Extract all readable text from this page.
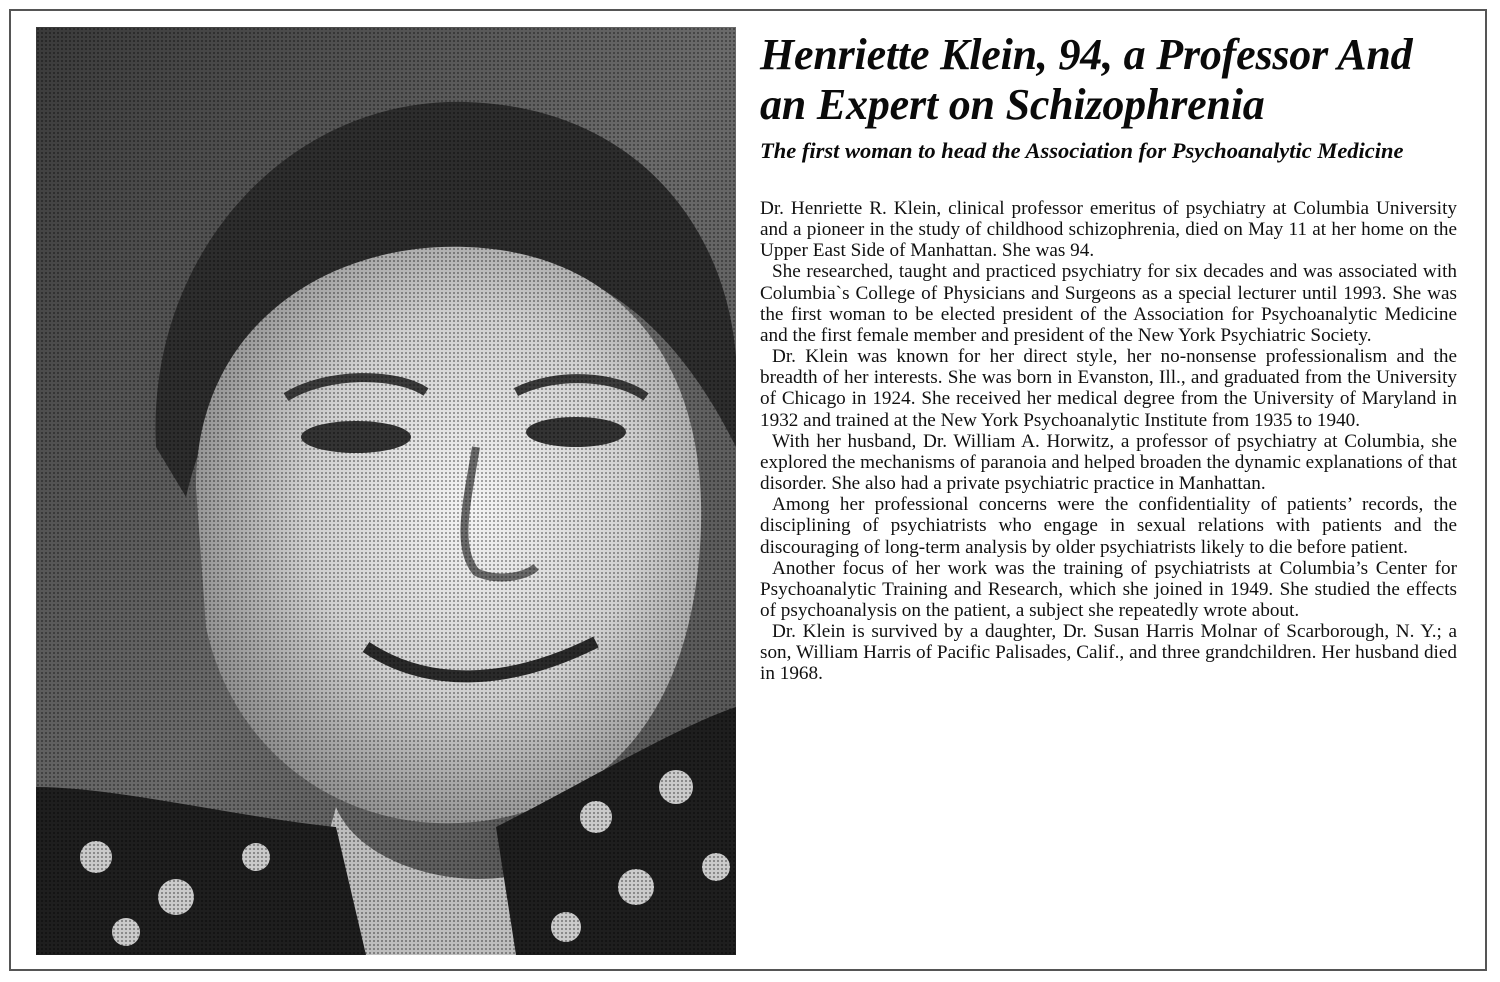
Henriette Klein, 94, a Professor And an Expert on Schizophrenia
The first woman to head the Association for Psychoanalytic Medicine

Dr. Henriette R. Klein, clinical professor emeritus of psychiatry at Columbia University and a pioneer in the study of childhood schizophrenia, died on May 11 at her home on the Upper East Side of Manhattan. She was 94.

She researched, taught and practiced psychiatry for six decades and was associated with Columbia`s College of Physicians and Surgeons as a special lecturer until 1993. She was the first woman to be elected president of the Association for Psychoanalytic Medicine and the first female member and president of the New York Psychiatric Society.

Dr. Klein was known for her direct style, her no-nonsense professionalism and the breadth of her interests. She was born in Evanston, Ill., and graduated from the University of Chicago in 1924. She received her medical degree from the University of Maryland in 1932 and trained at the New York Psychoanalytic Institute from 1935 to 1940.

With her husband, Dr. William A. Horwitz, a professor of psychiatry at Columbia, she explored the mechanisms of paranoia and helped broaden the dynamic explanations of that disorder. She also had a private psychiatric practice in Manhattan.

Among her professional concerns were the confidentiality of patients’ records, the disciplining of psychiatrists who engage in sexual relations with patients and the discouraging of long-term analysis by older psychiatrists likely to die before patient.

Another focus of her work was the training of psychiatrists at Columbia’s Center for Psychoanalytic Training and Research, which she joined in 1949. She studied the effects of psychoanalysis on the patient, a subject she repeatedly wrote about.

Dr. Klein is survived by a daughter, Dr. Susan Harris Molnar of Scarborough, N. Y.; a son, William Harris of Pacific Palisades, Calif., and three grandchildren. Her husband died in 1968.
